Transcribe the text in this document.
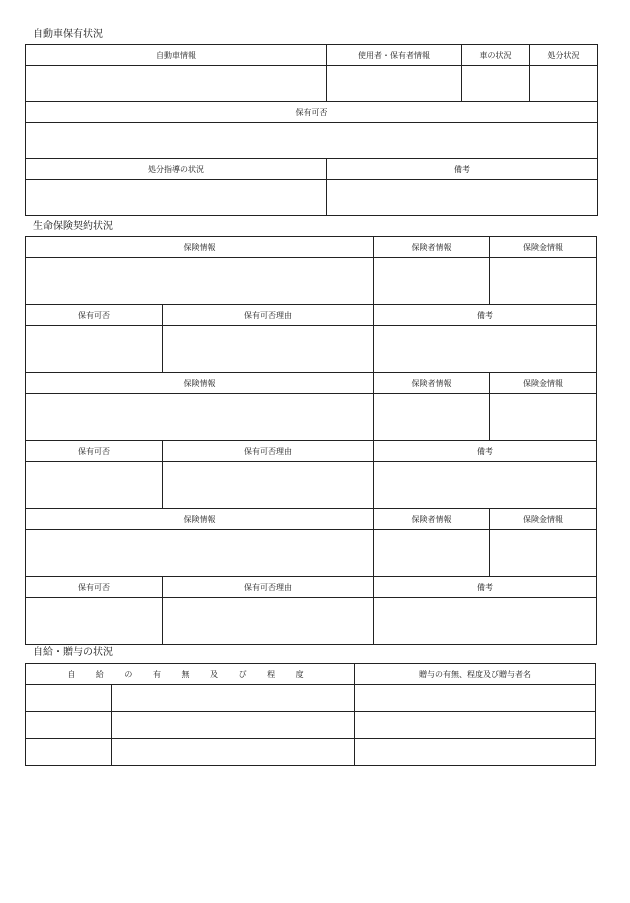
自動車保有状況
自動車情報	使用者・保有者情報	車の状況	処分状況

保有可否			

処分指導の状況	備考		

生命保険契約状況
保険情報		保険者情報	保険金情報

保有可否	保有可否理由	備考	

保険情報		保険者情報	保険金情報

保有可否	保有可否理由	備考	

保険情報		保険者情報	保険金情報

保有可否	保有可否理由	備考	

自給・贈与の状況
自 給 の 有 無 及 び 程 度		贈与の有無、程度及び贈与者名
